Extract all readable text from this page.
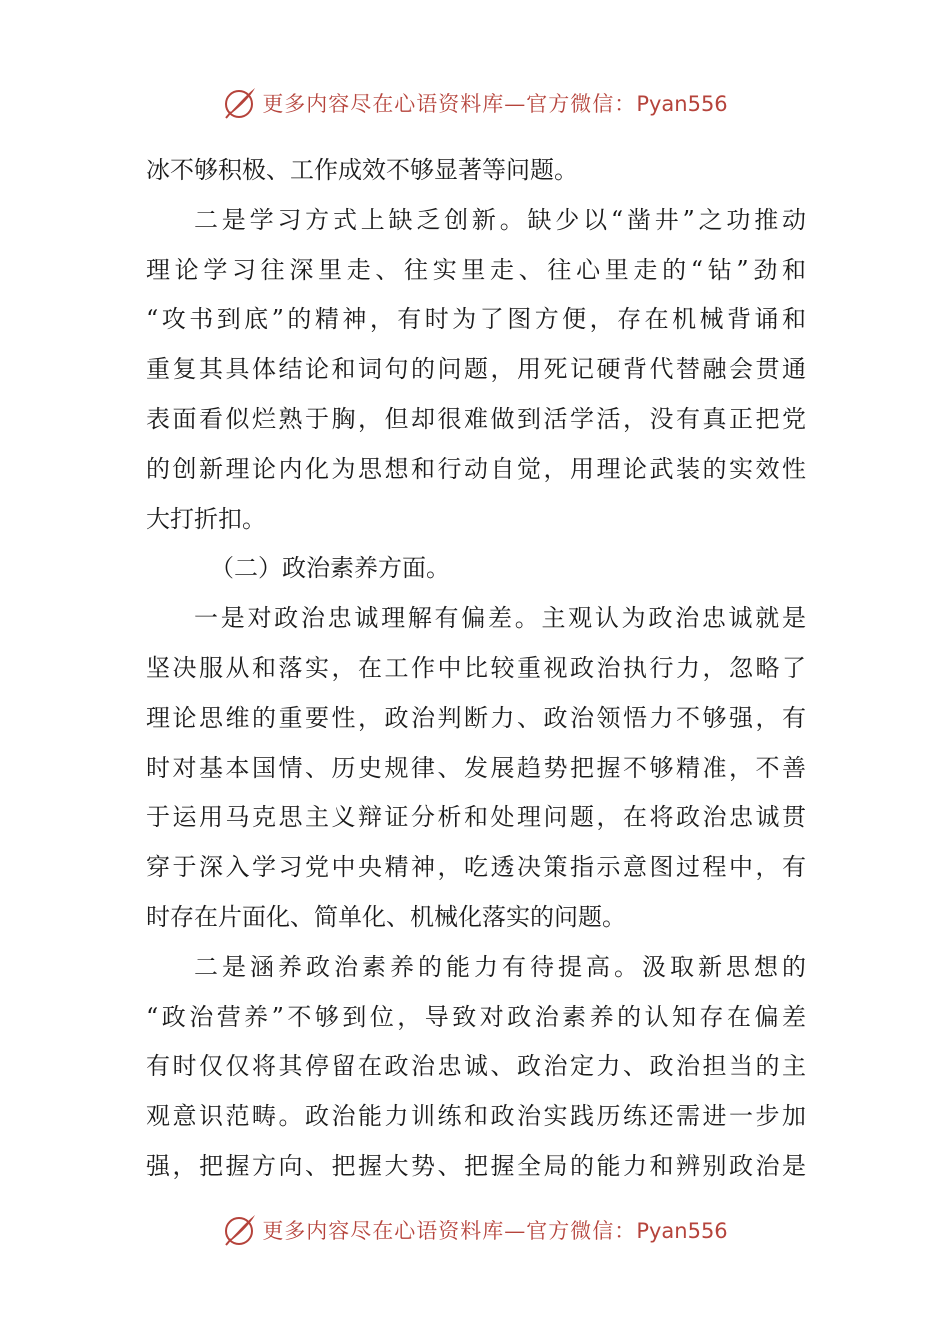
更多内容尽在心语资料库—官方微信：Pyan556
冰不够积极、工作成效不够显著等问题。
二是学习方式上缺乏创新。缺少以“凿井”之功推动
理论学习往深里走、往实里走、往心里走的“钻”劲和
“攻书到底”的精神，有时为了图方便，存在机械背诵和
重复其具体结论和词句的问题，用死记硬背代替融会贯通
表面看似烂熟于胸，但却很难做到活学活，没有真正把党
的创新理论内化为思想和行动自觉，用理论武装的实效性
大打折扣。
（二）政治素养方面。
一是对政治忠诚理解有偏差。主观认为政治忠诚就是
坚决服从和落实，在工作中比较重视政治执行力，忽略了
理论思维的重要性，政治判断力、政治领悟力不够强，有
时对基本国情、历史规律、发展趋势把握不够精准，不善
于运用马克思主义辩证分析和处理问题，在将政治忠诚贯
穿于深入学习党中央精神，吃透决策指示意图过程中，有
时存在片面化、简单化、机械化落实的问题。
二是涵养政治素养的能力有待提高。汲取新思想的
“政治营养”不够到位，导致对政治素养的认知存在偏差
有时仅仅将其停留在政治忠诚、政治定力、政治担当的主
观意识范畴。政治能力训练和政治实践历练还需进一步加
强，把握方向、把握大势、把握全局的能力和辨别政治是
更多内容尽在心语资料库—官方微信：Pyan556
